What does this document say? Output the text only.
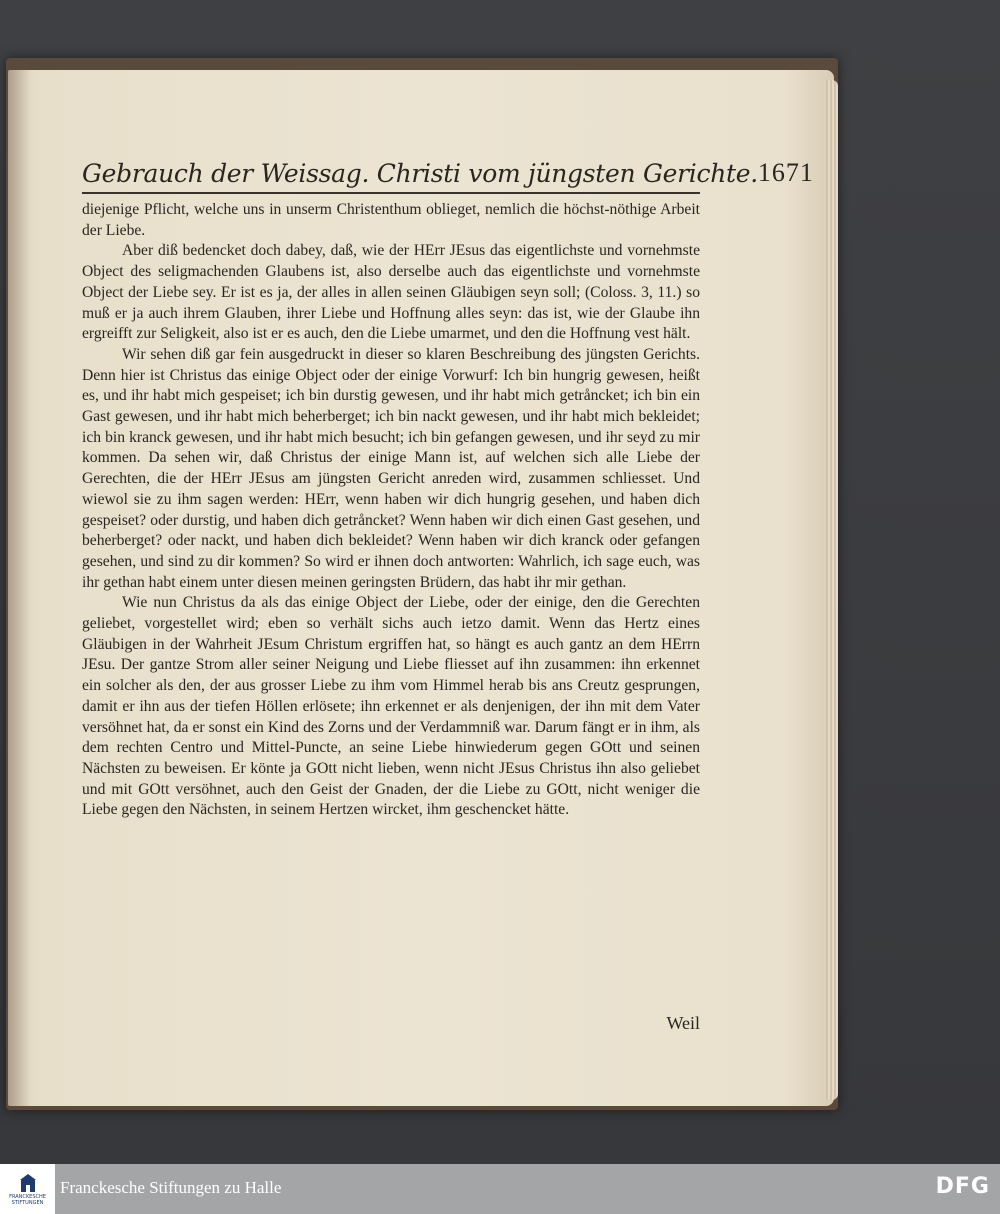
Gebrauch der Weissag. Christi vom jüngsten Gerichte. 1671

diejenige Pflicht, welche uns in unserm Christenthum oblieget, nemlich die höchst-nöthige Arbeit der Liebe.

Aber diß bedencket doch dabey, daß, wie der HErr JEsus das eigentlichste und vornehmste Object des seligmachenden Glaubens ist, also derselbe auch das eigentlichste und vornehmste Object der Liebe sey. Er ist es ja, der alles in allen seinen Gläubigen seyn soll; (Coloss. 3, 11.) so muß er ja auch ihrem Glauben, ihrer Liebe und Hoffnung alles seyn: das ist, wie der Glaube ihn ergreifft zur Seligkeit, also ist er es auch, den die Liebe umarmet, und den die Hoffnung vest hält.

Wir sehen diß gar fein ausgedruckt in dieser so klaren Beschreibung des jüngsten Gerichts. Denn hier ist Christus das einige Object oder der einige Vorwurf: Ich bin hungrig gewesen, heißt es, und ihr habt mich gespeiset; ich bin durstig gewesen, und ihr habt mich getråncket; ich bin ein Gast gewesen, und ihr habt mich beherberget; ich bin nackt gewesen, und ihr habt mich bekleidet; ich bin kranck gewesen, und ihr habt mich besucht; ich bin gefangen gewesen, und ihr seyd zu mir kommen. Da sehen wir, daß Christus der einige Mann ist, auf welchen sich alle Liebe der Gerechten, die der HErr JEsus am jüngsten Gericht anreden wird, zusammen schliesset. Und wiewol sie zu ihm sagen werden: HErr, wenn haben wir dich hungrig gesehen, und haben dich gespeiset? oder durstig, und haben dich getråncket? Wenn haben wir dich einen Gast gesehen, und beherberget? oder nackt, und haben dich bekleidet? Wenn haben wir dich kranck oder gefangen gesehen, und sind zu dir kommen? So wird er ihnen doch antworten: Wahrlich, ich sage euch, was ihr gethan habt einem unter diesen meinen geringsten Brüdern, das habt ihr mir gethan.

Wie nun Christus da als das einige Object der Liebe, oder der einige, den die Gerechten geliebet, vorgestellet wird; eben so verhält sichs auch ietzo damit. Wenn das Hertz eines Gläubigen in der Wahrheit JEsum Christum ergriffen hat, so hängt es auch gantz an dem HErrn JEsu. Der gantze Strom aller seiner Neigung und Liebe fliesset auf ihn zusammen: ihn erkennet ein solcher als den, der aus grosser Liebe zu ihm vom Himmel herab bis ans Creutz gesprungen, damit er ihn aus der tiefen Höllen erlösete; ihn erkennet er als denjenigen, der ihn mit dem Vater versöhnet hat, da er sonst ein Kind des Zorns und der Verdammniß war. Darum fängt er in ihm, als dem rechten Centro und Mittel-Puncte, an seine Liebe hinwiederum gegen GOtt und seinen Nächsten zu beweisen. Er könte ja GOtt nicht lieben, wenn nicht JEsus Christus ihn also geliebet und mit GOtt versöhnet, auch den Geist der Gnaden, der die Liebe zu GOtt, nicht weniger die Liebe gegen den Nächsten, in seinem Hertzen wircket, ihm geschencket hätte.

Weil
FRANCKESCHE
STIFTUNGEN
Franckesche Stiftungen zu Halle	DFG
